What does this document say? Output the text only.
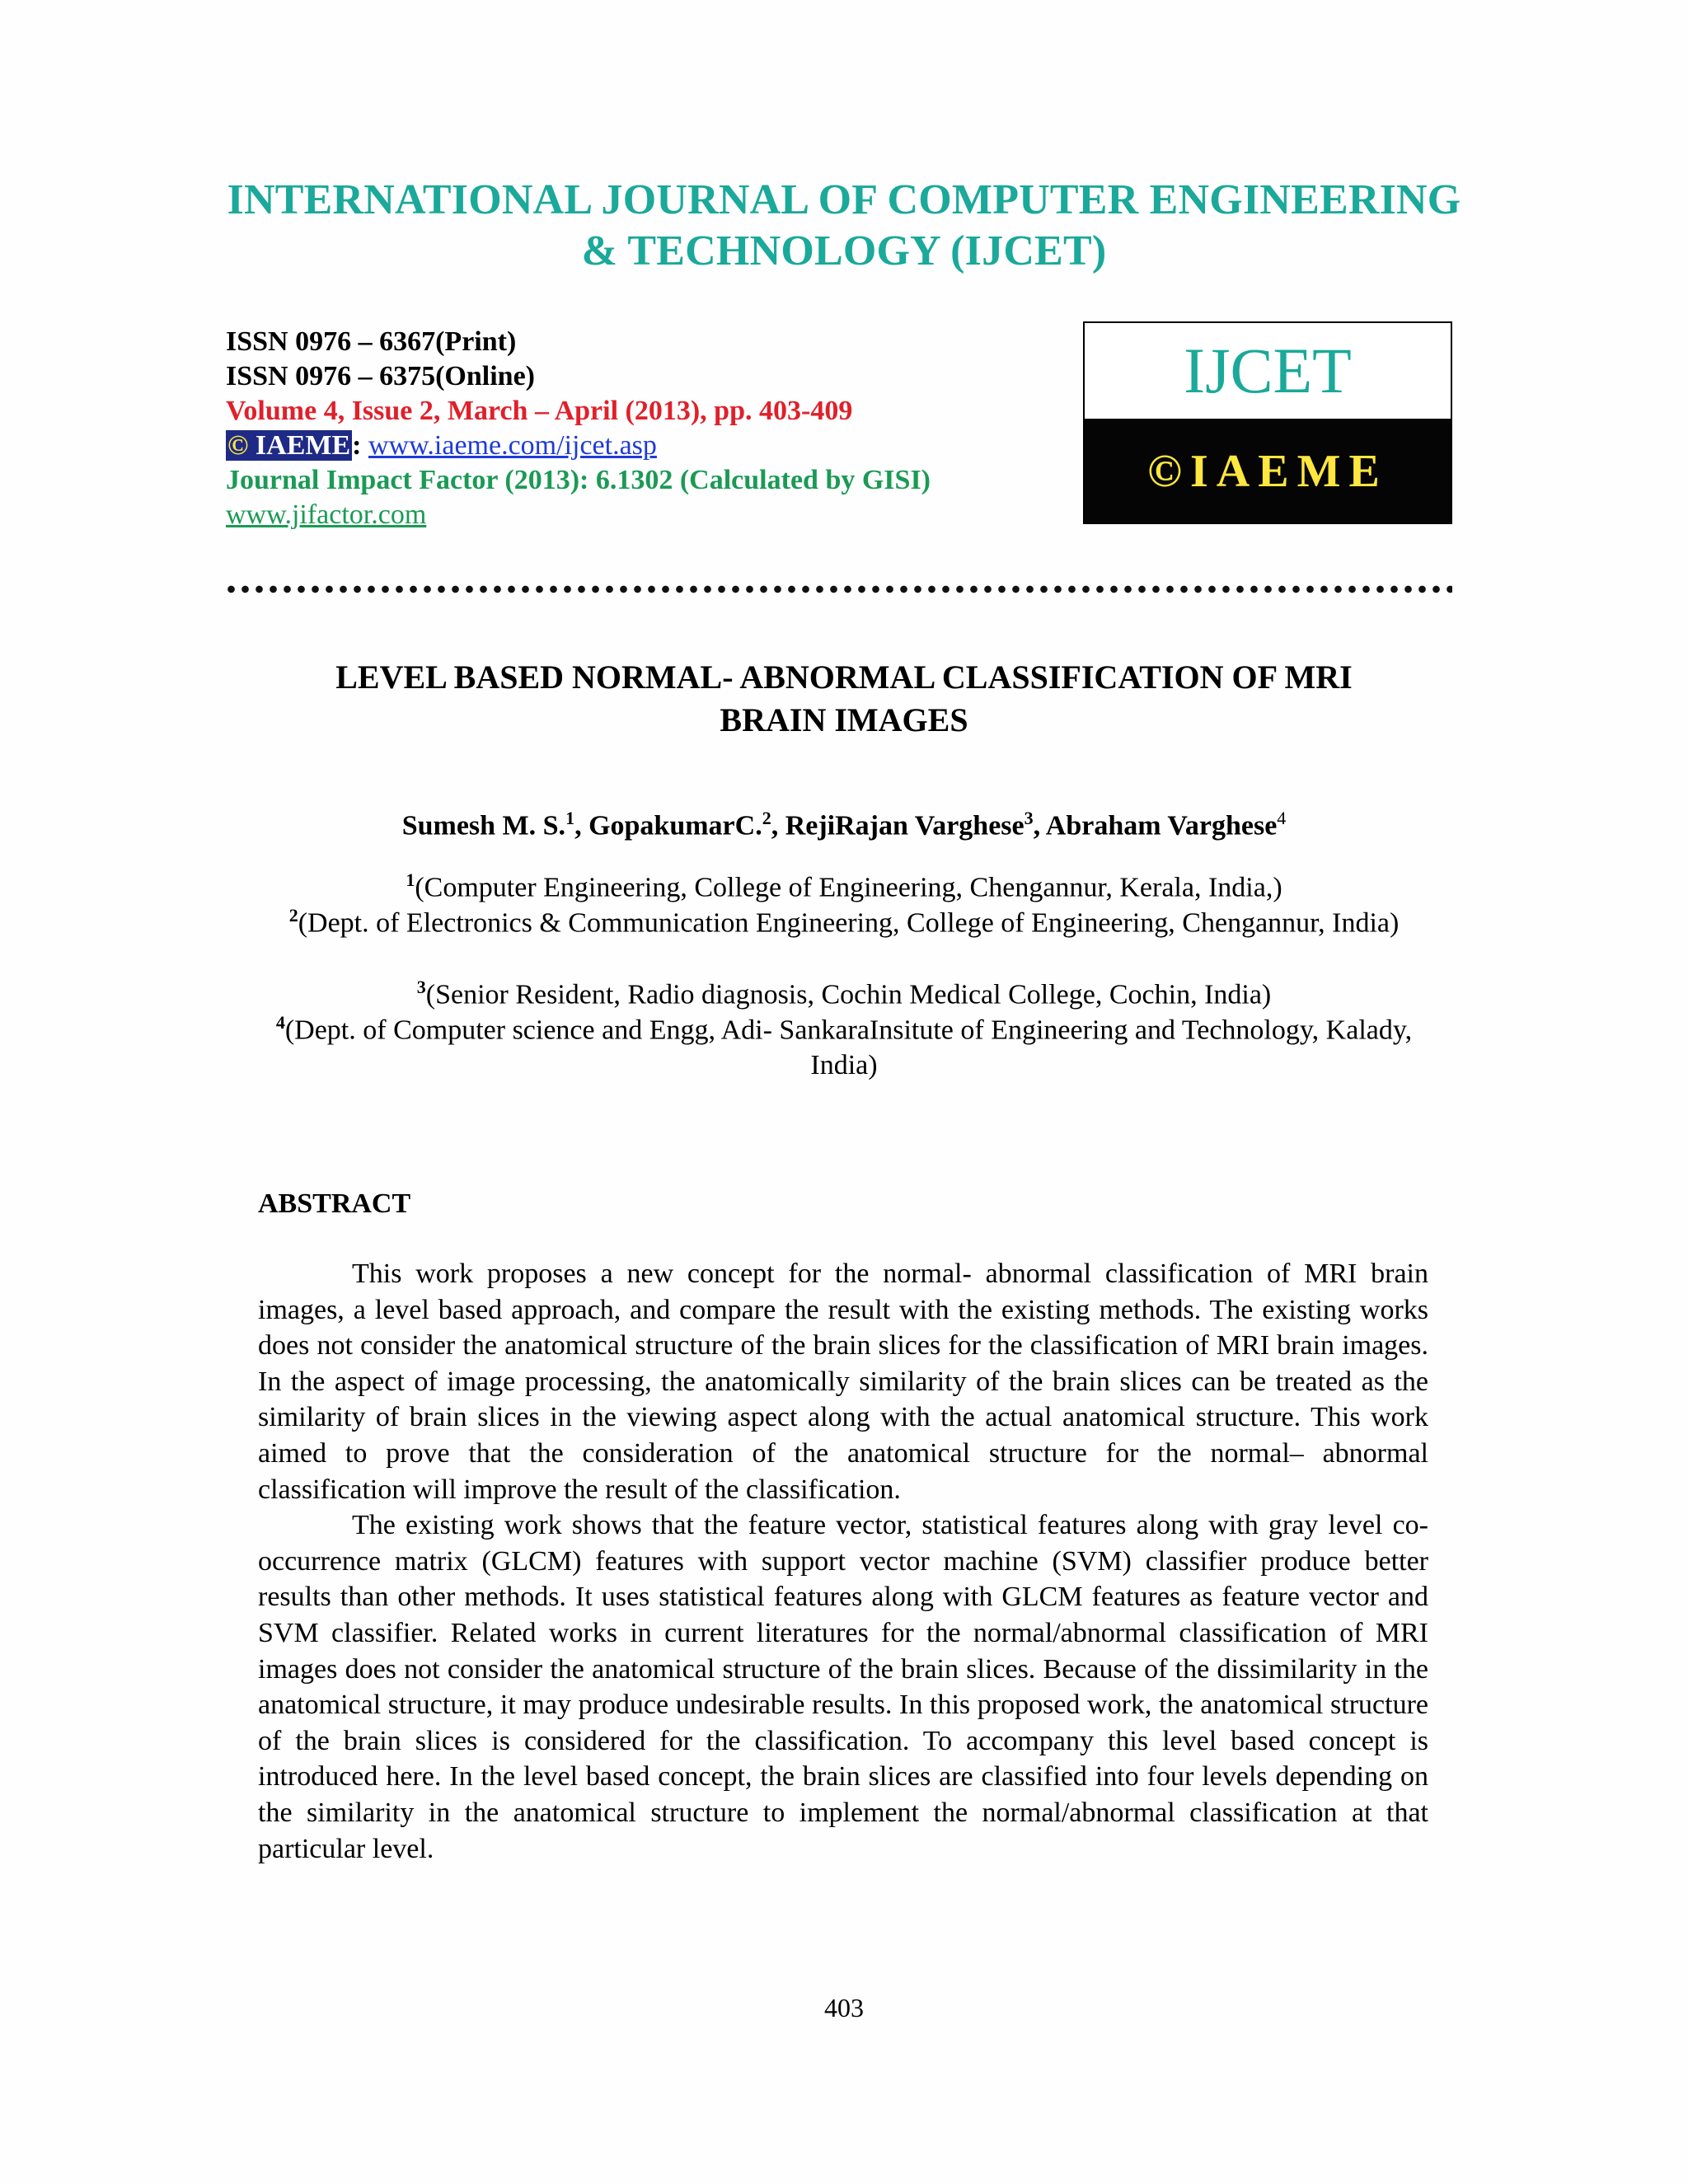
INTERNATIONAL JOURNAL OF COMPUTER ENGINEERING
& TECHNOLOGY (IJCET)
ISSN 0976 – 6367(Print)
ISSN 0976 – 6375(Online)
Volume 4, Issue 2, March – April (2013), pp. 403-409
© IAEME: www.iaeme.com/ijcet.asp
Journal Impact Factor (2013): 6.1302 (Calculated by GISI)
www.jifactor.com
IJCET
©IAEME
LEVEL BASED NORMAL- ABNORMAL CLASSIFICATION OF MRI
BRAIN IMAGES
Sumesh M. S.$^1$, GopakumarC.$^2$, RejiRajan Varghese$^3$, Abraham Varghese$^4$
$^1$(Computer Engineering, College of Engineering, Chengannur, Kerala, India,)
$^2$(Dept. of Electronics & Communication Engineering, College of Engineering, Chengannur, India)
$^3$(Senior Resident, Radio diagnosis, Cochin Medical College, Cochin, India)
$^4$(Dept. of Computer science and Engg, Adi- SankaraInsitute of Engineering and Technology, Kalady, India)
ABSTRACT

This work proposes a new concept for the normal- abnormal classification of MRI brain images, a level based approach, and compare the result with the existing methods. The existing works does not consider the anatomical structure of the brain slices for the classification of MRI brain images. In the aspect of image processing, the anatomically similarity of the brain slices can be treated as the similarity of brain slices in the viewing aspect along with the actual anatomical structure. This work aimed to prove that the consideration of the anatomical structure for the normal– abnormal classification will improve the result of the classification.

The existing work shows that the feature vector, statistical features along with gray level co-occurrence matrix (GLCM) features with support vector machine (SVM) classifier produce better results than other methods. It uses statistical features along with GLCM features as feature vector and SVM classifier. Related works in current literatures for the normal/abnormal classification of MRI images does not consider the anatomical structure of the brain slices. Because of the dissimilarity in the anatomical structure, it may produce undesirable results. In this proposed work, the anatomical structure of the brain slices is considered for the classification. To accompany this level based concept is introduced here. In the level based concept, the brain slices are classified into four levels depending on the similarity in the anatomical structure to implement the normal/abnormal classification at that particular level.

403
